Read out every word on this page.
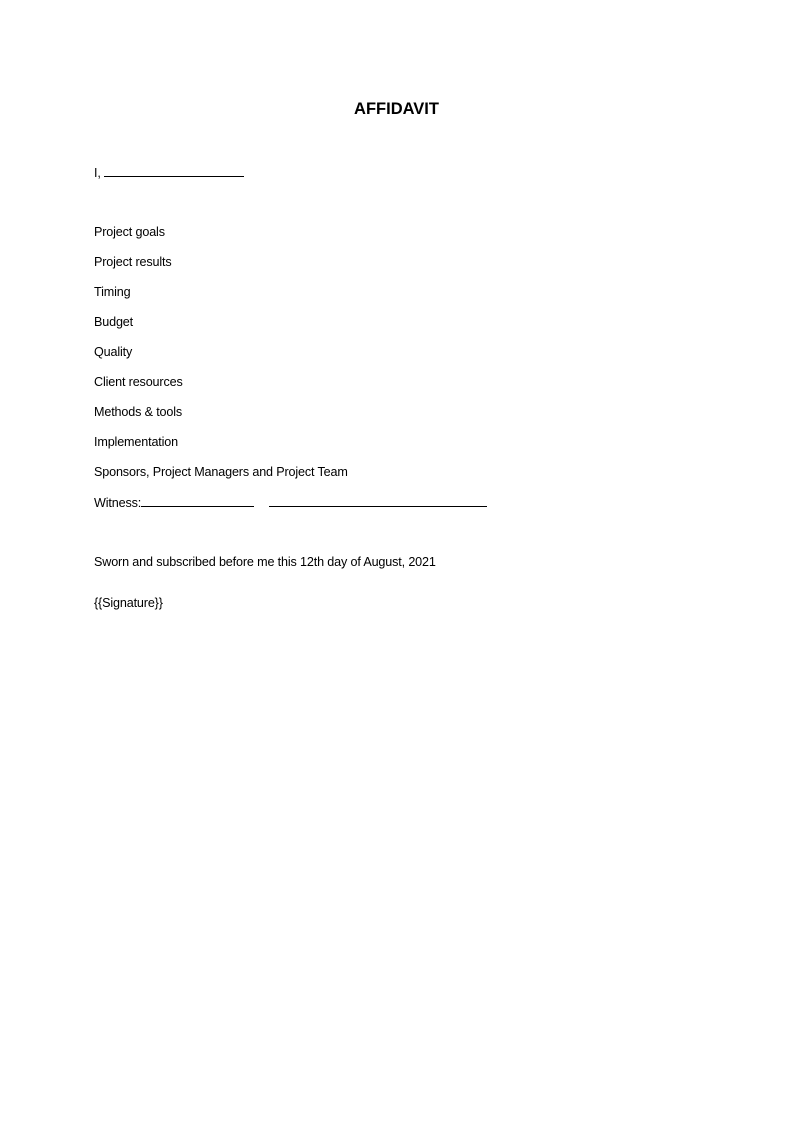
AFFIDAVIT
I,
Project goals
Project results
Timing
Budget
Quality
Client resources
Methods & tools
Implementation
Sponsors, Project Managers and Project Team
Witness:
Sworn and subscribed before me this 12th day of August, 2021
{{Signature}}
